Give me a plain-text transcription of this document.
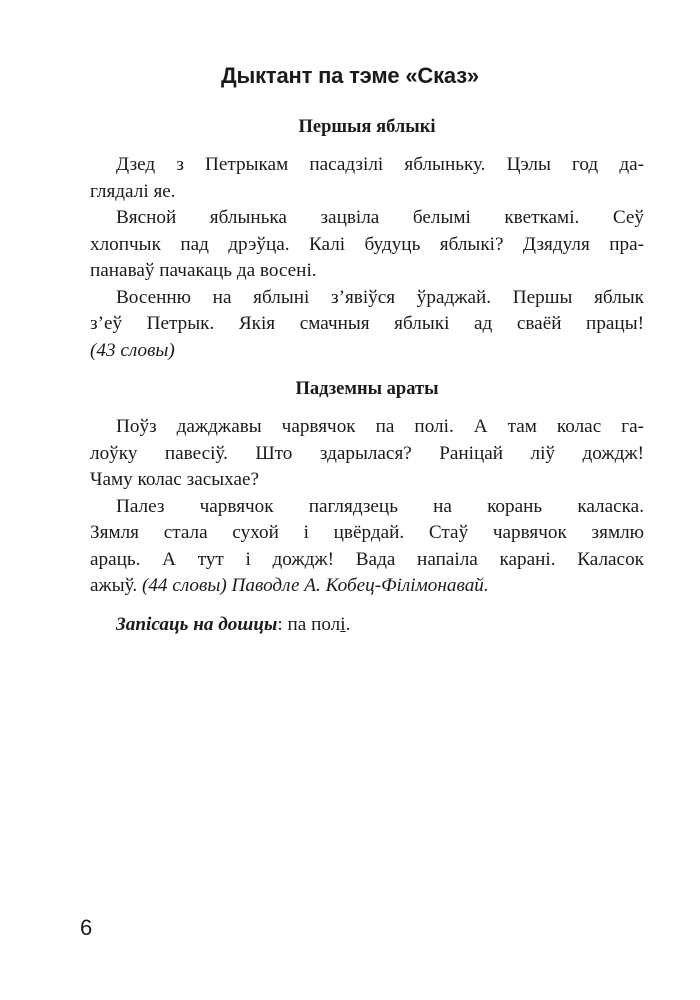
Дыктант па тэме «Сказ»
Першыя яблыкі
Дзед з Петрыкам пасадзілі яблыньку. Цэлы год да-
глядалі яе.
Вясной яблынька зацвіла белымі кветкамі. Сеў
хлопчык пад дрэўца. Калі будуць яблыкі? Дзядуля пра-
панаваў пачакаць да восені.
Восенню на яблыні з’явіўся ўраджай. Першы яблык
з’еў Петрык. Якія смачныя яблыкі ад сваёй працы!
(43 словы)
Падземны араты
Поўз дажджавы чарвячок па полі. А там колас га-
лоўку павесіў. Што здарылася? Раніцай ліў дождж!
Чаму колас засыхае?
Палез чарвячок паглядзець на корань каласка.
Зямля стала сухой і цвёрдай. Стаў чарвячок зямлю
араць. А тут і дождж! Вада напаіла карані. Каласок
ажыў. (44 словы) Паводле А. Кобец-Філімонавай.
Запісаць на дошцы: па полі.
6
